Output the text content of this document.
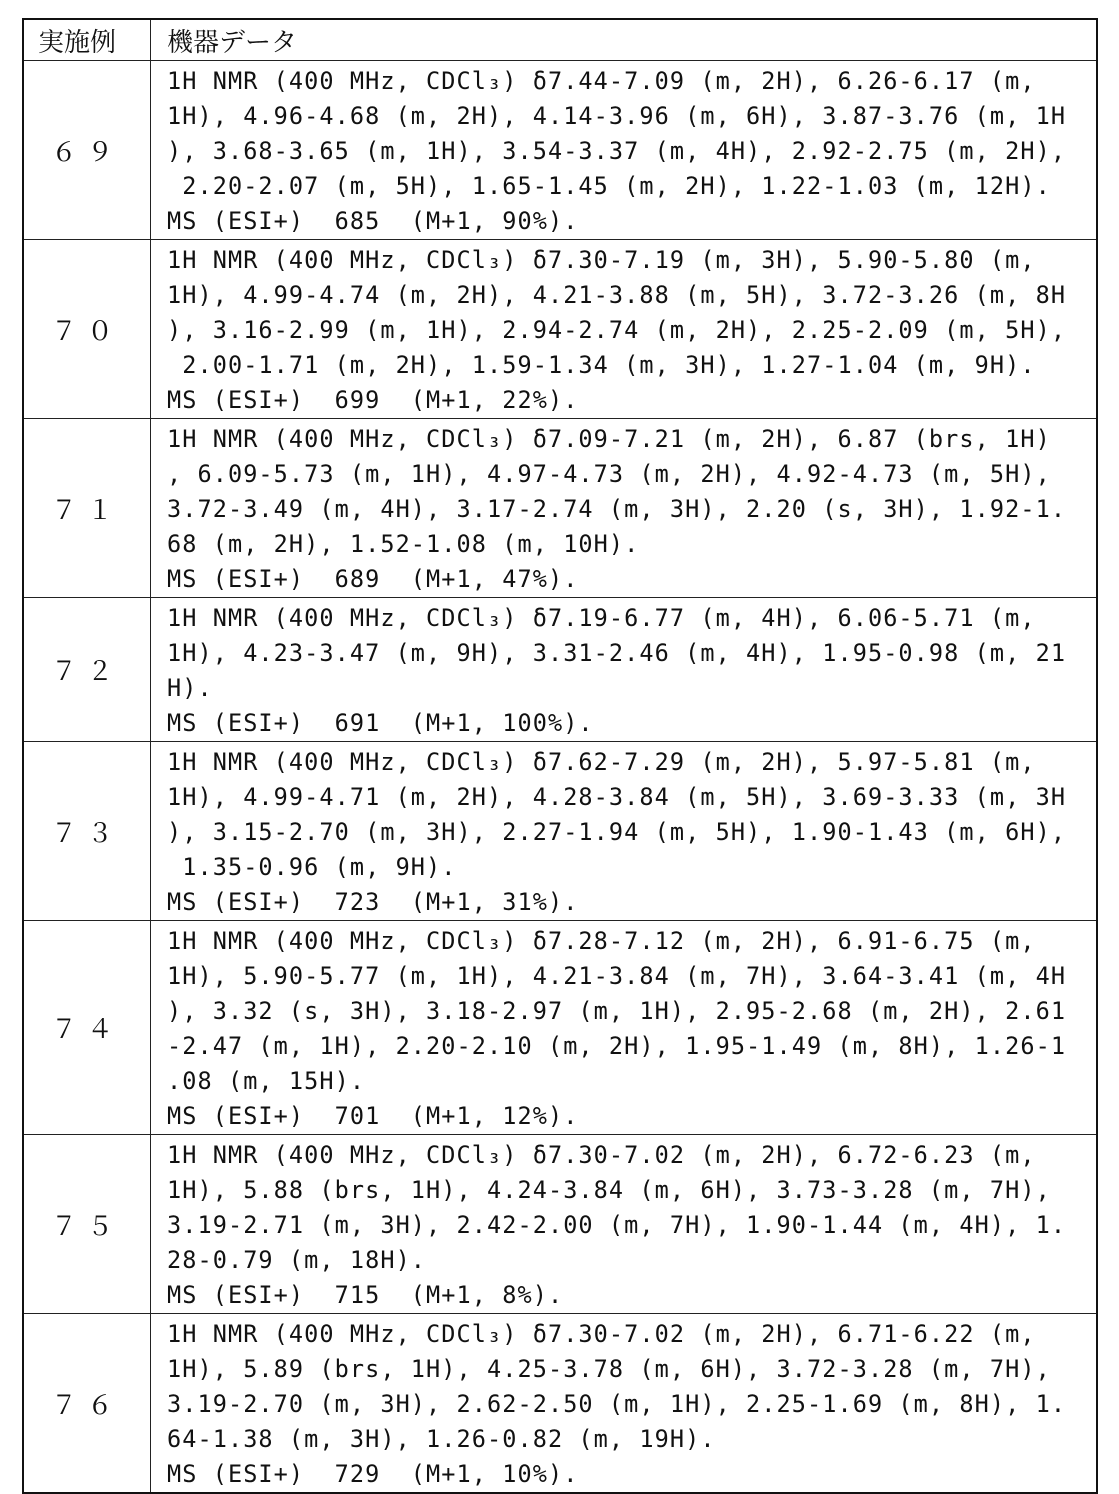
実施例	機器データ
６９	
1H NMR (400 MHz, CDCl₃) δ7.44-7.09 (m, 2H), 6.26-6.17 (m,
1H), 4.96-4.68 (m, 2H), 4.14-3.96 (m, 6H), 3.87-3.76 (m, 1H
), 3.68-3.65 (m, 1H), 3.54-3.37 (m, 4H), 2.92-2.75 (m, 2H),
2.20-2.07 (m, 5H), 1.65-1.45 (m, 2H), 1.22-1.03 (m, 12H).
MS (ESI+)  685  (M+1, 90%).

７０	
1H NMR (400 MHz, CDCl₃) δ7.30-7.19 (m, 3H), 5.90-5.80 (m,
1H), 4.99-4.74 (m, 2H), 4.21-3.88 (m, 5H), 3.72-3.26 (m, 8H
), 3.16-2.99 (m, 1H), 2.94-2.74 (m, 2H), 2.25-2.09 (m, 5H),
2.00-1.71 (m, 2H), 1.59-1.34 (m, 3H), 1.27-1.04 (m, 9H).
MS (ESI+)  699  (M+1, 22%).

７１	
1H NMR (400 MHz, CDCl₃) δ7.09-7.21 (m, 2H), 6.87 (brs, 1H)
, 6.09-5.73 (m, 1H), 4.97-4.73 (m, 2H), 4.92-4.73 (m, 5H),
3.72-3.49 (m, 4H), 3.17-2.74 (m, 3H), 2.20 (s, 3H), 1.92-1.
68 (m, 2H), 1.52-1.08 (m, 10H).
MS (ESI+)  689  (M+1, 47%).

７２	
1H NMR (400 MHz, CDCl₃) δ7.19-6.77 (m, 4H), 6.06-5.71 (m,
1H), 4.23-3.47 (m, 9H), 3.31-2.46 (m, 4H), 1.95-0.98 (m, 21
H).
MS (ESI+)  691  (M+1, 100%).

７３	
1H NMR (400 MHz, CDCl₃) δ7.62-7.29 (m, 2H), 5.97-5.81 (m,
1H), 4.99-4.71 (m, 2H), 4.28-3.84 (m, 5H), 3.69-3.33 (m, 3H
), 3.15-2.70 (m, 3H), 2.27-1.94 (m, 5H), 1.90-1.43 (m, 6H),
1.35-0.96 (m, 9H).
MS (ESI+)  723  (M+1, 31%).

７４	
1H NMR (400 MHz, CDCl₃) δ7.28-7.12 (m, 2H), 6.91-6.75 (m,
1H), 5.90-5.77 (m, 1H), 4.21-3.84 (m, 7H), 3.64-3.41 (m, 4H
), 3.32 (s, 3H), 3.18-2.97 (m, 1H), 2.95-2.68 (m, 2H), 2.61
-2.47 (m, 1H), 2.20-2.10 (m, 2H), 1.95-1.49 (m, 8H), 1.26-1
.08 (m, 15H).
MS (ESI+)  701  (M+1, 12%).

７５	
1H NMR (400 MHz, CDCl₃) δ7.30-7.02 (m, 2H), 6.72-6.23 (m,
1H), 5.88 (brs, 1H), 4.24-3.84 (m, 6H), 3.73-3.28 (m, 7H),
3.19-2.71 (m, 3H), 2.42-2.00 (m, 7H), 1.90-1.44 (m, 4H), 1.
28-0.79 (m, 18H).
MS (ESI+)  715  (M+1, 8%).

７６	
1H NMR (400 MHz, CDCl₃) δ7.30-7.02 (m, 2H), 6.71-6.22 (m,
1H), 5.89 (brs, 1H), 4.25-3.78 (m, 6H), 3.72-3.28 (m, 7H),
3.19-2.70 (m, 3H), 2.62-2.50 (m, 1H), 2.25-1.69 (m, 8H), 1.
64-1.38 (m, 3H), 1.26-0.82 (m, 19H).
MS (ESI+)  729  (M+1, 10%).
